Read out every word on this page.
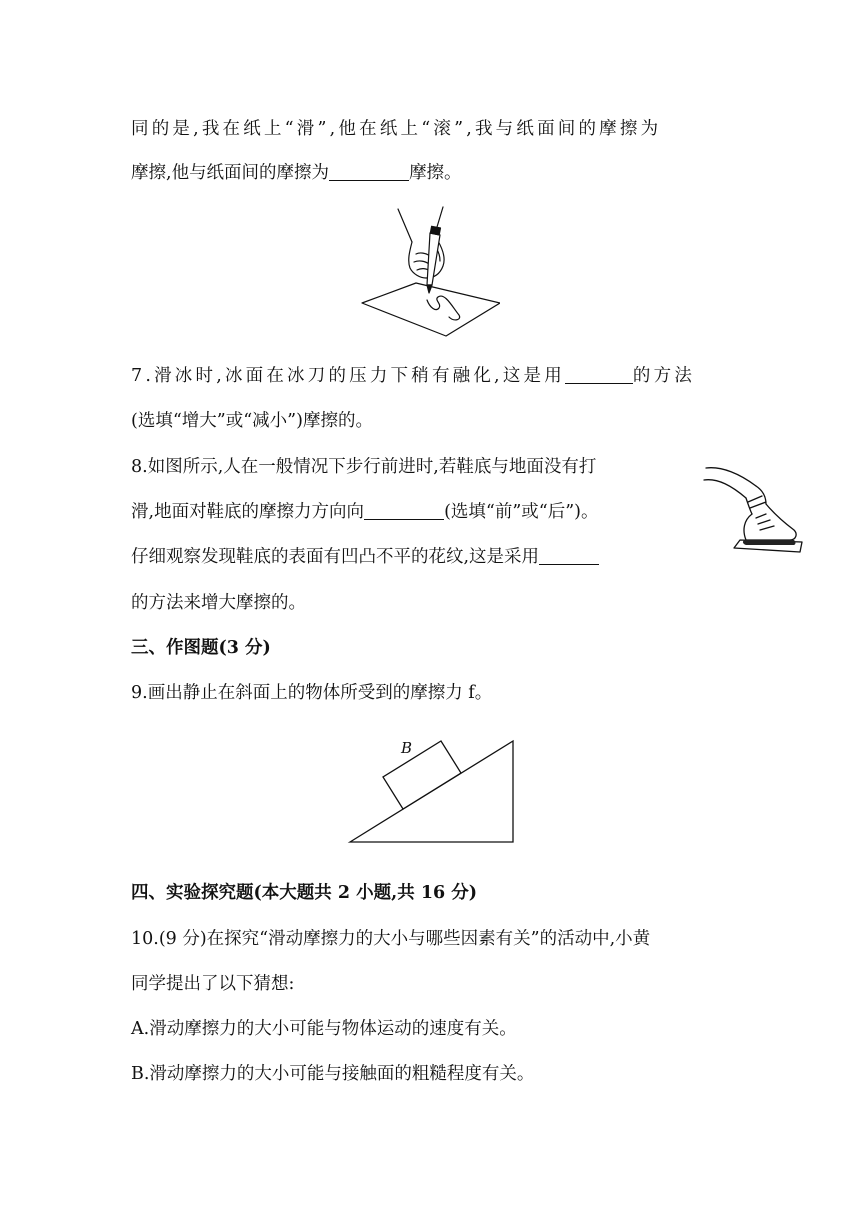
同的是,我在纸上“滑”,他在纸上“滚”,我与纸面间的摩擦为
摩擦,他与纸面间的摩擦为	摩擦。
7.滑冰时,冰面在冰刀的压力下稍有融化,这是用	的方法
(选填“增大”或“减小”)摩擦的。
8.如图所示,人在一般情况下步行前进时,若鞋底与地面没有打
滑,地面对鞋底的摩擦力方向向	(选填“前”或“后”)。
仔细观察发现鞋底的表面有凹凸不平的花纹,这是采用
的方法来增大摩擦的。
三、作图题(3 分)
9.画出静止在斜面上的物体所受到的摩擦力 f。
B
四、实验探究题(本大题共 2 小题,共 16 分)
10.(9 分)在探究“滑动摩擦力的大小与哪些因素有关”的活动中,小黄
同学提出了以下猜想:
A.滑动摩擦力的大小可能与物体运动的速度有关。
B.滑动摩擦力的大小可能与接触面的粗糙程度有关。
